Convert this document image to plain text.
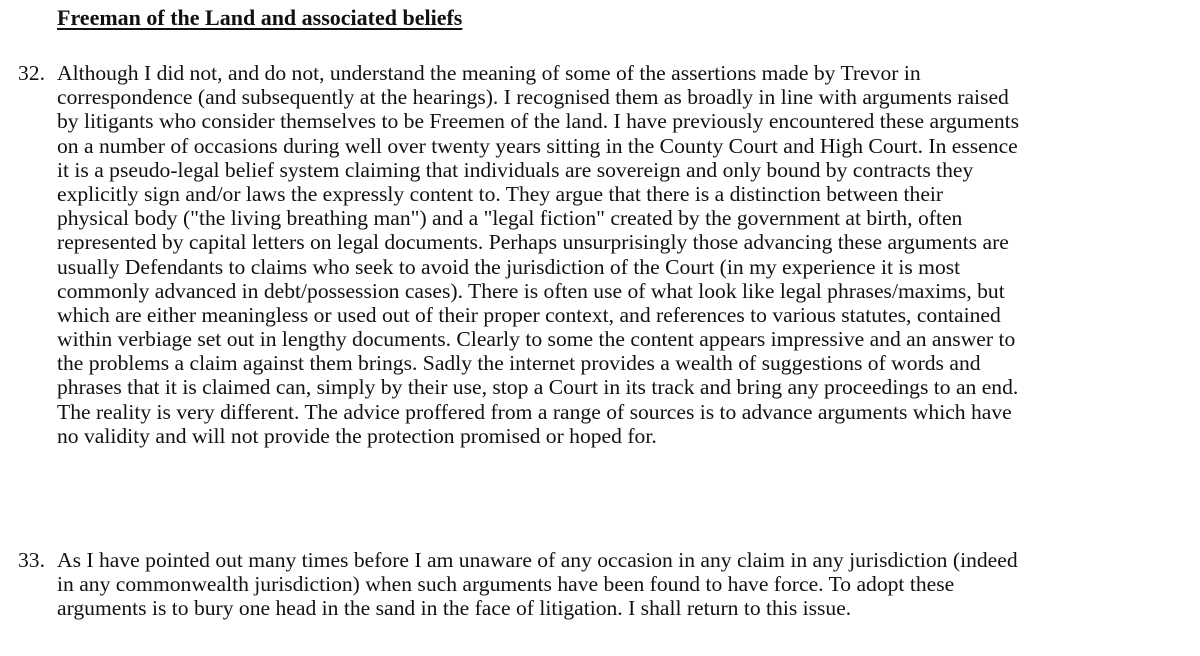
Freeman of the Land and associated beliefs
32. Although I did not, and do not, understand the meaning of some of the assertions made by Trevor in
correspondence (and subsequently at the hearings). I recognised them as broadly in line with arguments raised
by litigants who consider themselves to be Freemen of the land. I have previously encountered these arguments
on a number of occasions during well over twenty years sitting in the County Court and High Court. In essence
it is a pseudo-legal belief system claiming that individuals are sovereign and only bound by contracts they
explicitly sign and/or laws the expressly content to. They argue that there is a distinction between their
physical body ("the living breathing man") and a "legal fiction" created by the government at birth, often
represented by capital letters on legal documents. Perhaps unsurprisingly those advancing these arguments are
usually Defendants to claims who seek to avoid the jurisdiction of the Court (in my experience it is most
commonly advanced in debt/possession cases). There is often use of what look like legal phrases/maxims, but
which are either meaningless or used out of their proper context, and references to various statutes, contained
within verbiage set out in lengthy documents. Clearly to some the content appears impressive and an answer to
the problems a claim against them brings. Sadly the internet provides a wealth of suggestions of words and
phrases that it is claimed can, simply by their use, stop a Court in its track and bring any proceedings to an end.
The reality is very different. The advice proffered from a range of sources is to advance arguments which have
no validity and will not provide the protection promised or hoped for.
33. As I have pointed out many times before I am unaware of any occasion in any claim in any jurisdiction (indeed
in any commonwealth jurisdiction) when such arguments have been found to have force. To adopt these
arguments is to bury one head in the sand in the face of litigation. I shall return to this issue.
